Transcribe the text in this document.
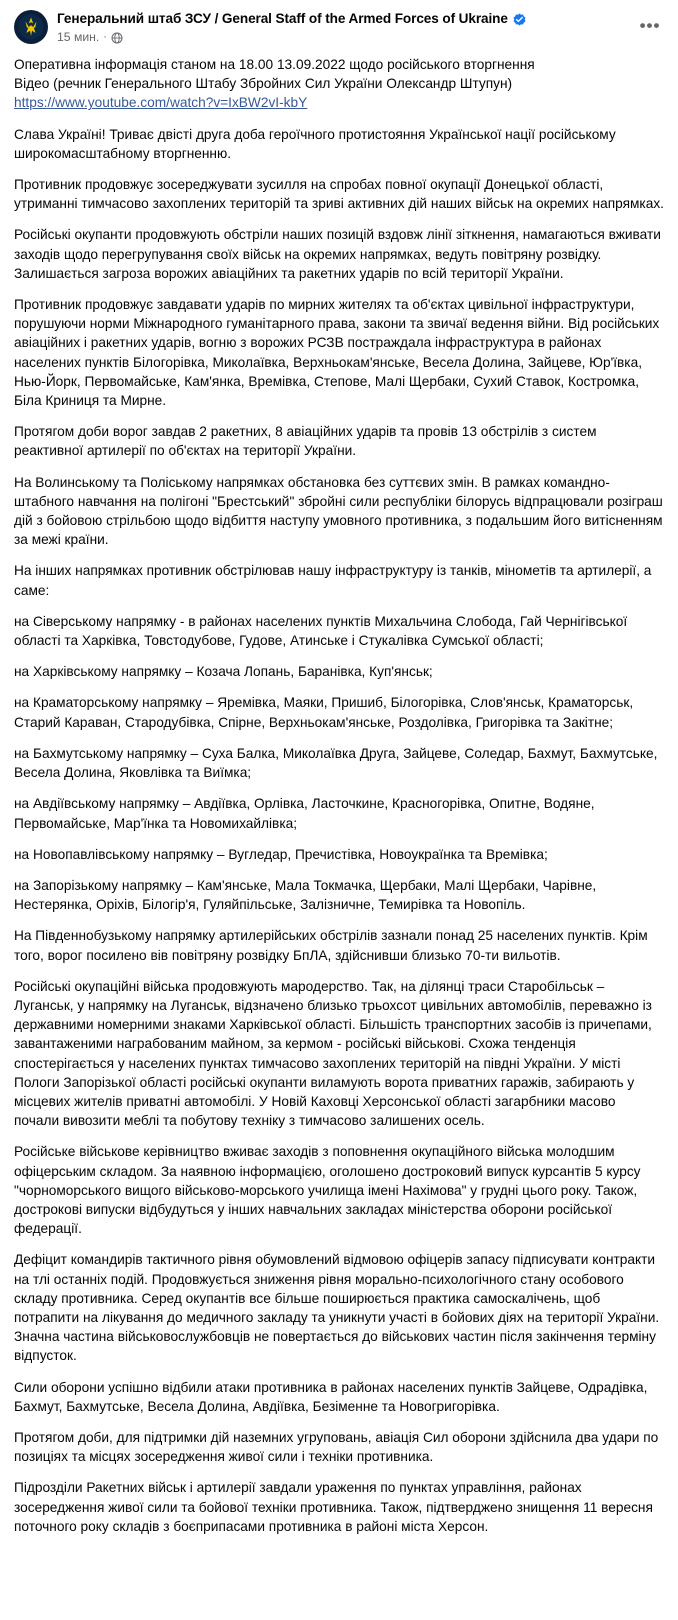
Генеральний штаб ЗСУ / General Staff of the Armed Forces of Ukraine
15 мин. ·
•••

Оперативна інформація станом на 18.00 13.09.2022 щодо російського вторгнення

Відео (речник Генерального Штабу Збройних Сил України Олександр Штупун)

https://www.youtube.com/watch?v=IxBW2vI-kbY

Слава Україні! Триває двісті друга доба героїчного протистояння Української нації російському широкомасштабному вторгненню.

Противник продовжує зосереджувати зусилля на спробах повної окупації Донецької області, утриманні тимчасово захоплених територій та зриві активних дій наших військ на окремих напрямках.

Російські окупанти продовжують обстріли наших позицій вздовж лінії зіткнення, намагаються вживати заходів щодо перегрупування своїх військ на окремих напрямках, ведуть повітряну розвідку. Залишається загроза ворожих авіаційних та ракетних ударів по всій території України.

Противник продовжує завдавати ударів по мирних жителях та об'єктах цивільної інфраструктури, порушуючи норми Міжнародного гуманітарного права, закони та звичаї ведення війни. Від російських авіаційних і ракетних ударів, вогню з ворожих РСЗВ постраждала інфраструктура в районах населених пунктів Білогорівка, Миколаївка, Верхньокам'янське, Весела Долина, Зайцеве, Юр'ївка, Нью-Йорк, Первомайське, Кам'янка, Времівка, Степове, Малі Щербаки, Сухий Ставок, Костромка, Біла Криниця та Мирне.

Протягом доби ворог завдав 2 ракетних, 8 авіаційних ударів та провів 13 обстрілів з систем реактивної артилерії по об'єктах на території України.

На Волинському та Поліському напрямках обстановка без суттєвих змін. В рамках командно-штабного навчання на полігоні "Брестський" збройні сили республіки білорусь відпрацювали розіграш дій з бойовою стрільбою щодо відбиття наступу умовного противника, з подальшим його витісненням за межі країни.

На інших напрямках противник обстрілював нашу інфраструктуру із танків, мінометів та артилерії, а саме:

на Сіверському напрямку - в районах населених пунктів Михальчина Слобода, Гай Чернігівської області та Харківка, Товстодубове, Гудове, Атинське і Стукалівка Сумської області;

на Харківському напрямку – Козача Лопань, Баранівка, Куп'янськ;

на Краматорському напрямку – Яремівка, Маяки, Пришиб, Білогорівка, Слов'янськ, Краматорськ, Старий Караван, Стародубівка, Спірне, Верхньокам'янське, Роздолівка, Григорівка та Закітне;

на Бахмутському напрямку – Суха Балка, Миколаївка Друга, Зайцеве, Соледар, Бахмут, Бахмутське, Весела Долина, Яковлівка та Виїмка;

на Авдіївському напрямку – Авдіївка, Орлівка, Ласточкине, Красногорівка, Опитне, Водяне, Первомайське, Мар'їнка та Новомихайлівка;

на Новопавлівському напрямку – Вугледар, Пречистівка, Новоукраїнка та Времівка;

на Запорізькому напрямку – Кам'янське, Мала Токмачка, Щербаки, Малі Щербаки, Чарівне, Нестерянка, Оріхів, Білогір'я, Гуляйпільське, Залізничне, Темирівка та Новопіль.

На Південнобузькому напрямку артилерійських обстрілів зазнали понад 25 населених пунктів. Крім того, ворог посилено вів повітряну розвідку БпЛА, здійснивши близько 70-ти вильотів.

Російські окупаційні війська продовжують мародерство. Так, на ділянці траси Старобільськ – Луганськ, у напрямку на Луганськ, відзначено близько трьохсот цивільних автомобілів, переважно із державними номерними знаками Харківської області. Більшість транспортних засобів із причепами, завантаженими награбованим майном, за кермом - російські військові. Схожа тенденція спостерігається у населених пунктах тимчасово захоплених територій на півдні України. У місті Пологи Запорізької області російські окупанти виламують ворота приватних гаражів, забирають у місцевих жителів приватні автомобілі. У Новій Каховці Херсонської області загарбники масово почали вивозити меблі та побутову техніку з тимчасово залишених осель.

Російське військове керівництво вживає заходів з поповнення окупаційного війська молодшим офіцерським складом. За наявною інформацією, оголошено достроковий випуск курсантів 5 курсу "чорноморського вищого військово-морського училища імені Нахімова" у грудні цього року. Також, дострокові випуски відбудуться у інших навчальних закладах міністерства оборони російської федерації.

Дефіцит командирів тактичного рівня обумовлений відмовою офіцерів запасу підписувати контракти на тлі останніх подій. Продовжується зниження рівня морально-психологічного стану особового складу противника. Серед окупантів все більше поширюється практика самоскалічень, щоб потрапити на лікування до медичного закладу та уникнути участі в бойових діях на території України. Значна частина військовослужбовців не повертається до військових частин після закінчення терміну відпусток.

Сили оборони успішно відбили атаки противника в районах населених пунктів Зайцеве, Одрадівка, Бахмут, Бахмутське, Весела Долина, Авдіївка, Безіменне та Новогригорівка.

Протягом доби, для підтримки дій наземних угруповань, авіація Сил оборони здійснила два удари по позиціях та місцях зосередження живої сили і техніки противника.

Підрозділи Ракетних військ і артилерії завдали ураження по пунктах управління, районах зосередження живої сили та бойової техніки противника. Також, підтверджено знищення 11 вересня поточного року складів з боєприпасами противника в районі міста Херсон.
